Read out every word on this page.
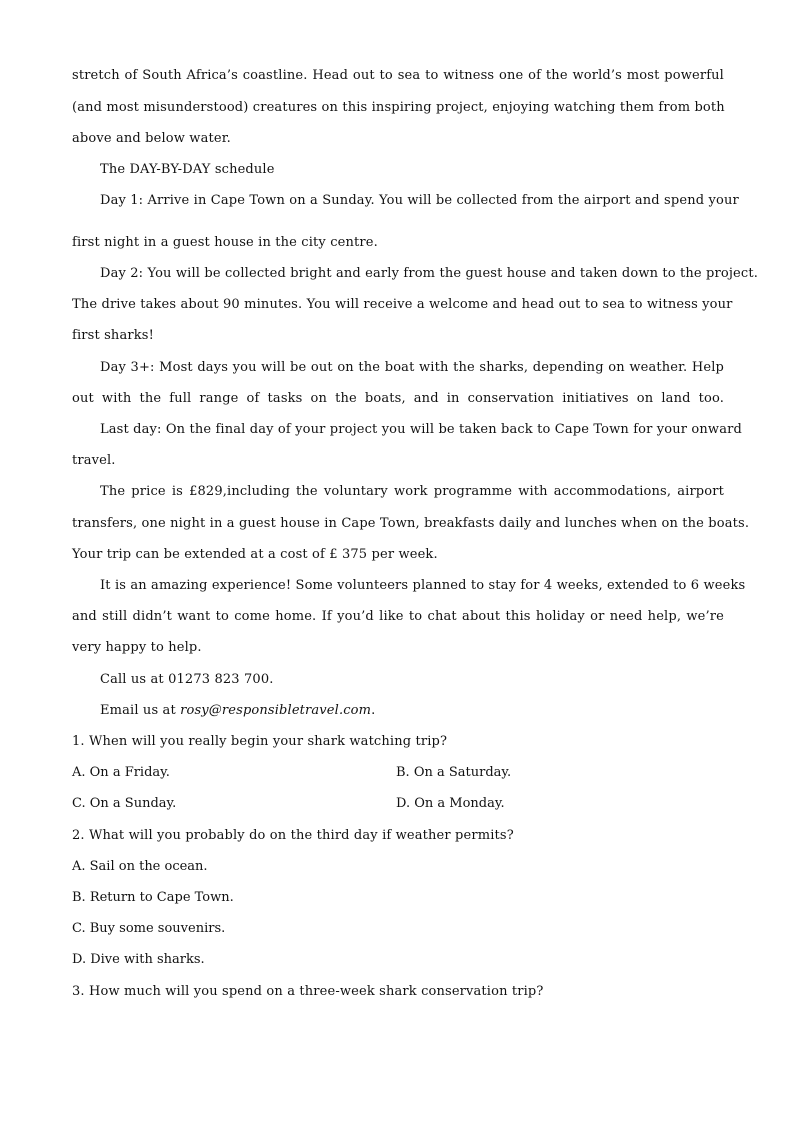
stretch of South Africa’s coastline. Head out to sea to witness one of the world’s most powerful
(and most misunderstood) creatures on this inspiring project, enjoying watching them from both
above and below water.
The DAY-BY-DAY schedule
Day 1: Arrive in Cape Town on a Sunday. You will be collected from the airport and spend your
first night in a guest house in the city centre.
Day 2: You will be collected bright and early from the guest house and taken down to the project.
The drive takes about 90 minutes. You will receive a welcome and head out to sea to witness your
first sharks!
Day 3+: Most days you will be out on the boat with the sharks, depending on weather. Help
out with the full range of tasks on the boats, and in conservation initiatives on land too.
Last day: On the final day of your project you will be taken back to Cape Town for your onward
travel.
The price is £829,including the voluntary work programme with accommodations, airport
transfers, one night in a guest house in Cape Town, breakfasts daily and lunches when on the boats.
Your trip can be extended at a cost of £ 375 per week.
It is an amazing experience! Some volunteers planned to stay for 4 weeks, extended to 6 weeks
and still didn’t want to come home. If you’d like to chat about this holiday or need help, we’re
very happy to help.
Call us at 01273 823 700.
Email us at rosy@responsibletravel.com.
1. When will you really begin your shark watching trip?
A. On a Friday.	B. On a Saturday.
C. On a Sunday.	D. On a Monday.
2. What will you probably do on the third day if weather permits?
A. Sail on the ocean.
B. Return to Cape Town.
C. Buy some souvenirs.
D. Dive with sharks.
3. How much will you spend on a three-week shark conservation trip?
